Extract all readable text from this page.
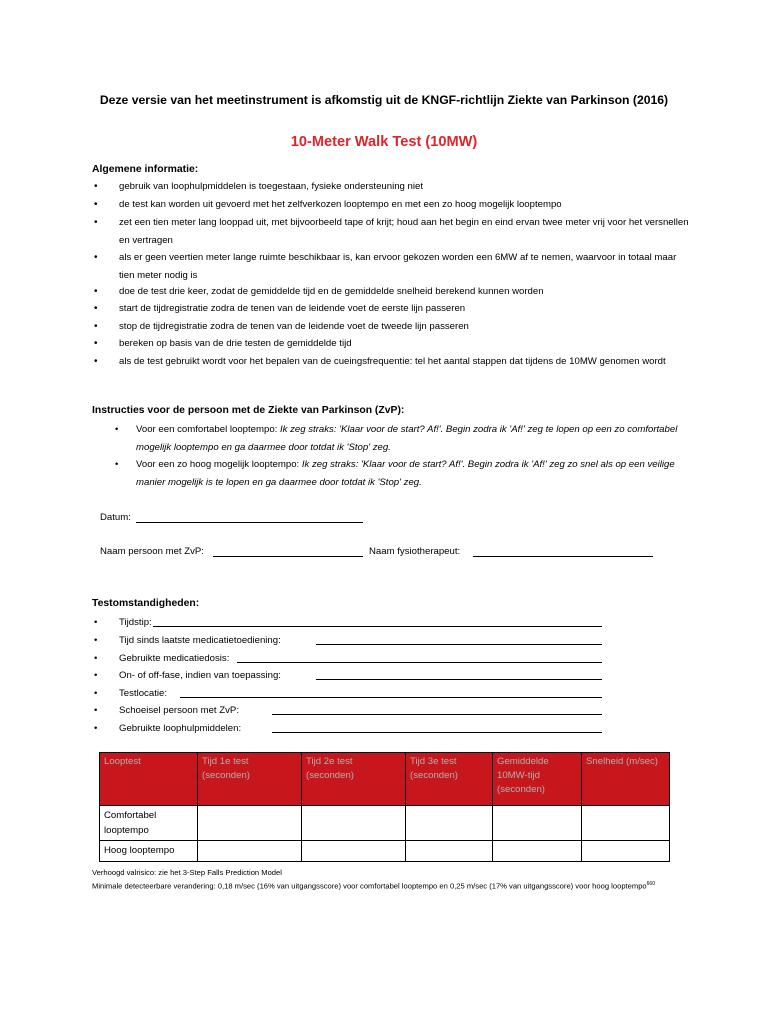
Deze versie van het meetinstrument is afkomstig uit de KNGF-richtlijn Ziekte van Parkinson (2016)
10-Meter Walk Test (10MW)
Algemene informatie:
• gebruik van loophulpmiddelen is toegestaan, fysieke ondersteuning niet
• de test kan worden uit gevoerd met het zelfverkozen looptempo en met een zo hoog mogelijk looptempo
• zet een tien meter lang looppad uit, met bijvoorbeeld tape of krijt; houd aan het begin en eind ervan twee meter vrij voor het versnellen en vertragen
• als er geen veertien meter lange ruimte beschikbaar is, kan ervoor gekozen worden een 6MW af te nemen, waarvoor in totaal maar tien meter nodig is
• doe de test drie keer, zodat de gemiddelde tijd en de gemiddelde snelheid berekend kunnen worden
• start de tijdregistratie zodra de tenen van de leidende voet de eerste lijn passeren
• stop de tijdregistratie zodra de tenen van de leidende voet de tweede lijn passeren
• bereken op basis van de drie testen de gemiddelde tijd
• als de test gebruikt wordt voor het bepalen van de cueingsfrequentie: tel het aantal stappen dat tijdens de 10MW genomen wordt
Instructies voor de persoon met de Ziekte van Parkinson (ZvP):
• Voor een comfortabel looptempo: Ik zeg straks: 'Klaar voor de start? Af!'. Begin zodra ik 'Af!' zeg te lopen op een zo comfortabel mogelijk looptempo en ga daarmee door totdat ik 'Stop' zeg.
• Voor een zo hoog mogelijk looptempo: Ik zeg straks: 'Klaar voor de start? Af!'. Begin zodra ik 'Af!' zeg zo snel als op een veilige manier mogelijk is te lopen en ga daarmee door totdat ik 'Stop' zeg.
Datum:
Naam persoon met ZvP:	Naam fysiotherapeut:
Testomstandigheden:
• Tijdstip:
• Tijd sinds laatste medicatietoediening:
• Gebruikte medicatiedosis:
• On- of off-fase, indien van toepassing:
• Testlocatie:
• Schoeisel persoon met ZvP:
• Gebruikte loophulpmiddelen:
Looptest	Tijd 1e test (seconden)	Tijd 2e test (seconden)	Tijd 3e test (seconden)	Gemiddelde 10MW-tijd (seconden)	Snelheid (m/sec)
Comfortabel looptempo					
Hoog looptempo					
Verhoogd valrisico: zie het 3-Step Falls Prediction Model
Minimale detecteerbare verandering: 0,18 m/sec (16% van uitgangsscore) voor comfortabel looptempo en 0,25 m/sec (17% van uitgangsscore) voor hoog looptempo$^{660}$
